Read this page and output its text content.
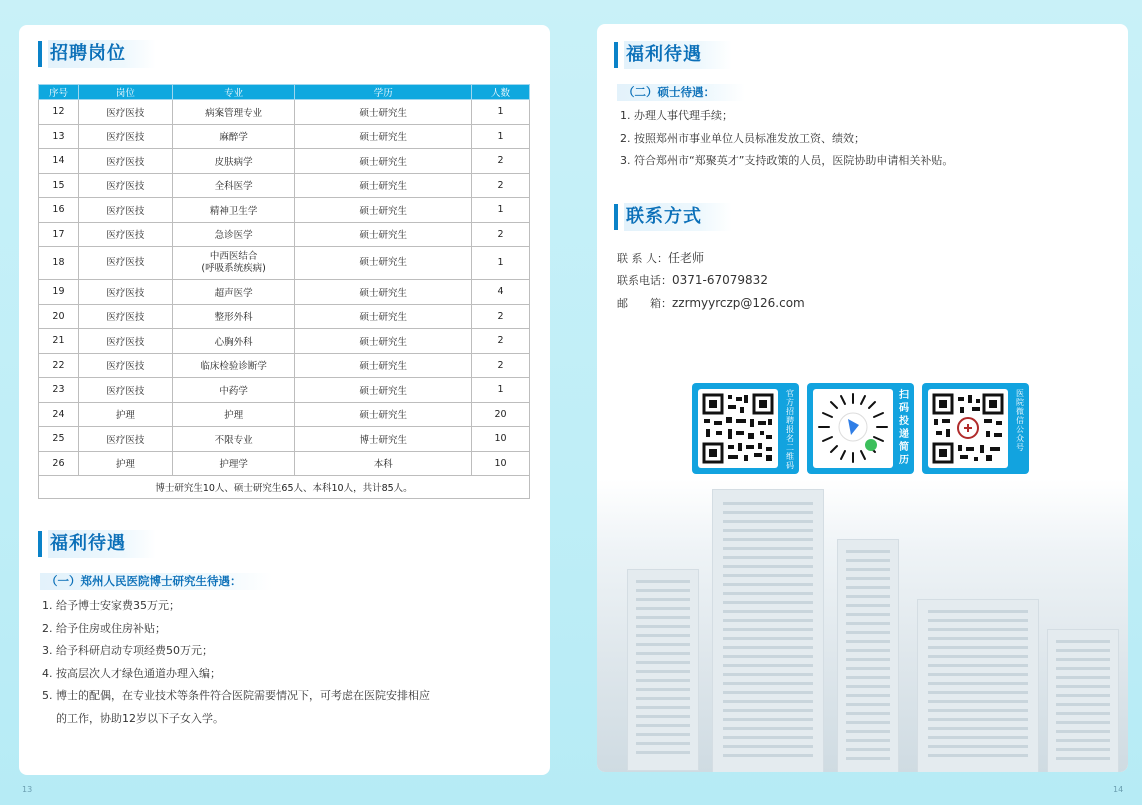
招聘岗位
序号	岗位	专业	学历	人数
12	医疗医技	病案管理专业	硕士研究生	1
13	医疗医技	麻醉学	硕士研究生	1
14	医疗医技	皮肤病学	硕士研究生	2
15	医疗医技	全科医学	硕士研究生	2
16	医疗医技	精神卫生学	硕士研究生	1
17	医疗医技	急诊医学	硕士研究生	2
18	医疗医技	中西医结合
(呼吸系统疾病)	硕士研究生	1
19	医疗医技	超声医学	硕士研究生	4
20	医疗医技	整形外科	硕士研究生	2
21	医疗医技	心胸外科	硕士研究生	2
22	医疗医技	临床检验诊断学	硕士研究生	2
23	医疗医技	中药学	硕士研究生	1
24	护理	护理	硕士研究生	20
25	医疗医技	不限专业	博士研究生	10
26	护理	护理学	本科	10
博士研究生10人、硕士研究生65人、本科10人，共计85人。				
福利待遇
（一）郑州人民医院博士研究生待遇：
1. 给予博士安家费35万元；
2. 给予住房或住房补贴；
3. 给予科研启动专项经费50万元；
4. 按高层次人才绿色通道办理入编；
5. 博士的配偶，在专业技术等条件符合医院需要情况下，可考虑在医院安排相应
的工作，协助12岁以下子女入学。
福利待遇
（二）硕士待遇：
1. 办理人事代理手续；
2. 按照郑州市事业单位人员标准发放工资、绩效；
3. 符合郑州市“郑聚英才”支持政策的人员，医院协助申请相关补贴。
联系方式
联 系 人：任老师
联系电话：0371-67079832
邮　　箱：zzrmyyrczp@126.com
官方招聘报名二维码
扫码投递简历
医院微信公众号
13	14
